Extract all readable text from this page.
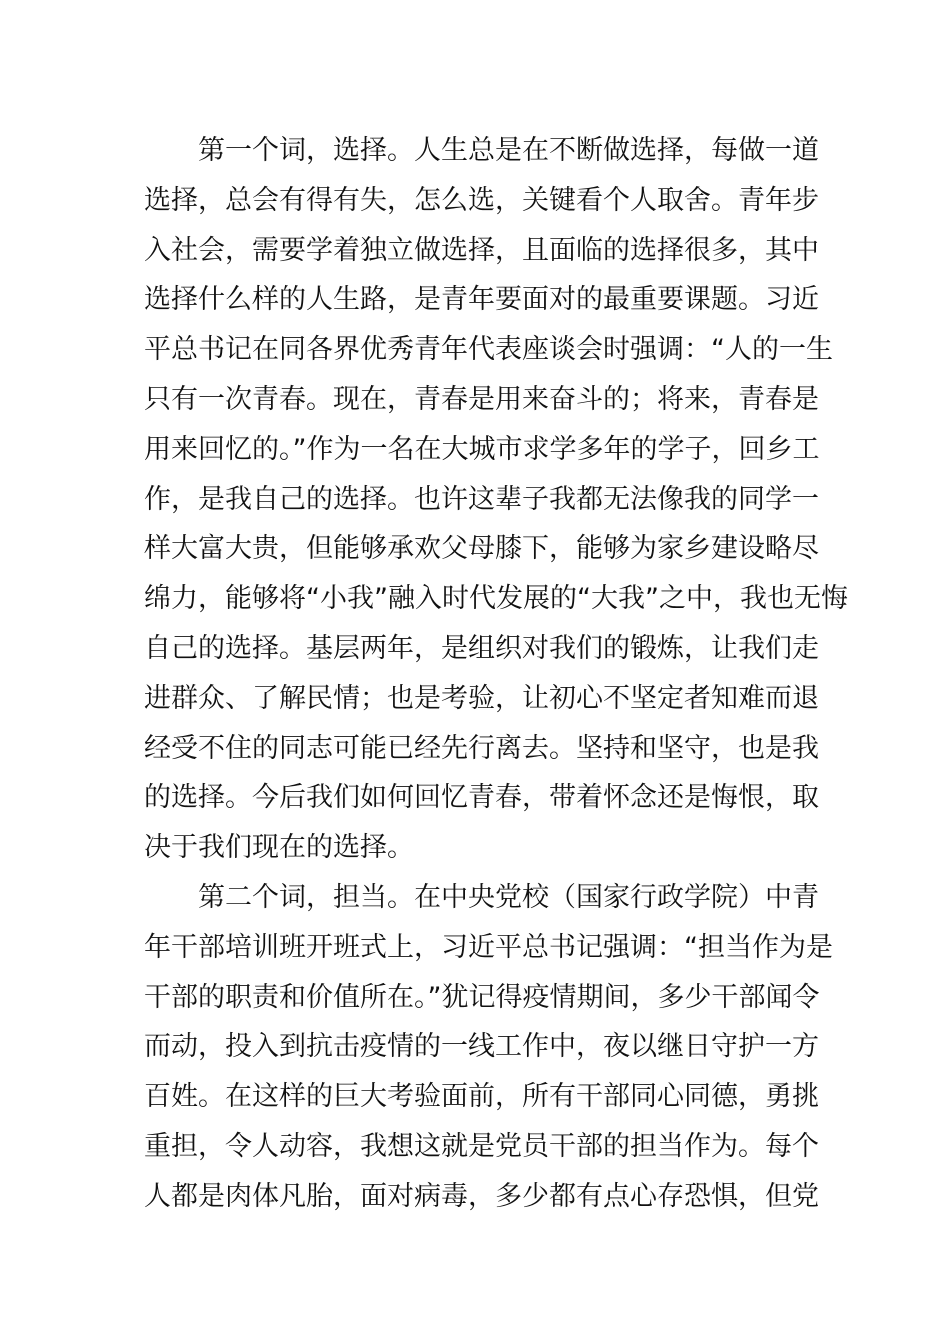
第一个词，选择。人生总是在不断做选择，每做一道
选择，总会有得有失，怎么选，关键看个人取舍。青年步
入社会，需要学着独立做选择，且面临的选择很多，其中
选择什么样的人生路，是青年要面对的最重要课题。习近
平总书记在同各界优秀青年代表座谈会时强调：“人的一生
只有一次青春。现在，青春是用来奋斗的；将来，青春是
用来回忆的。”作为一名在大城市求学多年的学子，回乡工
作，是我自己的选择。也许这辈子我都无法像我的同学一
样大富大贵，但能够承欢父母膝下，能够为家乡建设略尽
绵力，能够将“小我”融入时代发展的“大我”之中，我也无悔
自己的选择。基层两年，是组织对我们的锻炼，让我们走
进群众、了解民情；也是考验，让初心不坚定者知难而退
经受不住的同志可能已经先行离去。坚持和坚守，也是我
的选择。今后我们如何回忆青春，带着怀念还是悔恨，取
决于我们现在的选择。
第二个词，担当。在中央党校（国家行政学院）中青
年干部培训班开班式上，习近平总书记强调：“担当作为是
干部的职责和价值所在。”犹记得疫情期间，多少干部闻令
而动，投入到抗击疫情的一线工作中，夜以继日守护一方
百姓。在这样的巨大考验面前，所有干部同心同德，勇挑
重担，令人动容，我想这就是党员干部的担当作为。每个
人都是肉体凡胎，面对病毒，多少都有点心存恐惧，但党
